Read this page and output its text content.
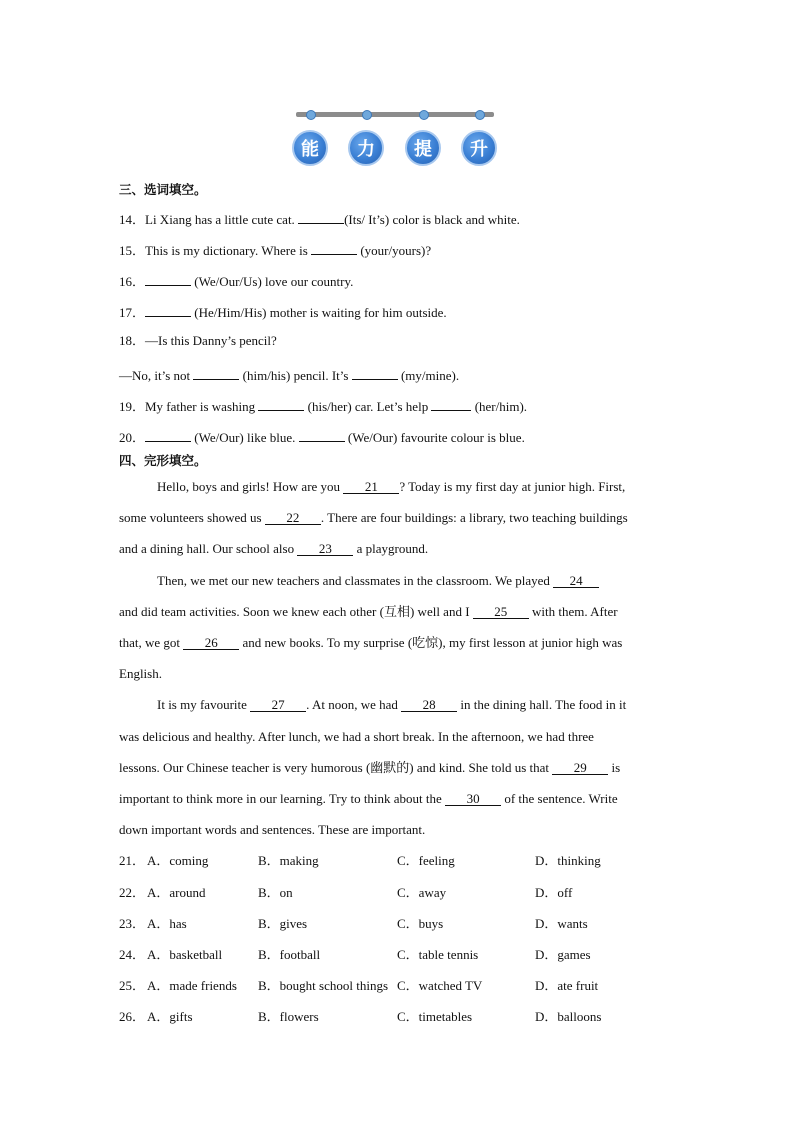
能	力	提	升
三、选词填空。
14．Li Xiang has a little cute cat.	(Its/ It’s) color is black and white.
15．This is my dictionary. Where is	(your/yours)?
16．	(We/Our/Us) love our country.
17．	(He/Him/His) mother is waiting for him outside.
18．—Is this Danny’s pencil?
—No, it’s not	(him/his) pencil. It’s	(my/mine).
19．My father is washing	(his/her) car. Let’s help	(her/him).
20．	(We/Our) like blue.	(We/Our) favourite colour is blue.
四、完形填空。
Hello, boys and girls! How are you 21 ? Today is my first day at junior high. First,
some volunteers showed us 22 . There are four buildings: a library, two teaching buildings
and a dining hall. Our school also 23 a playground.
Then, we met our new teachers and classmates in the classroom. We played 24
and did team activities. Soon we knew each other (互相) well and I 25 with them. After
that, we got 26 and new books. To my surprise (吃惊), my first lesson at junior high was
English.
It is my favourite 27 . At noon, we had 28 in the dining hall. The food in it
was delicious and healthy. After lunch, we had a short break. In the afternoon, we had three
lessons. Our Chinese teacher is very humorous (幽默的) and kind. She told us that 29 is
important to think more in our learning. Try to think about the 30 of the sentence. Write
down important words and sentences. These are important.
21． A．coming	B．making	C．feeling	D．thinking
22． A．around	B．on	C．away	D．off
23． A．has	B．gives	C．buys	D．wants
24． A．basketball	B．football	C．table tennis	D．games
25． A．made friends B．bought school things C．watched TV	D．ate fruit
26． A．gifts	B．flowers	C．timetables	D．balloons
